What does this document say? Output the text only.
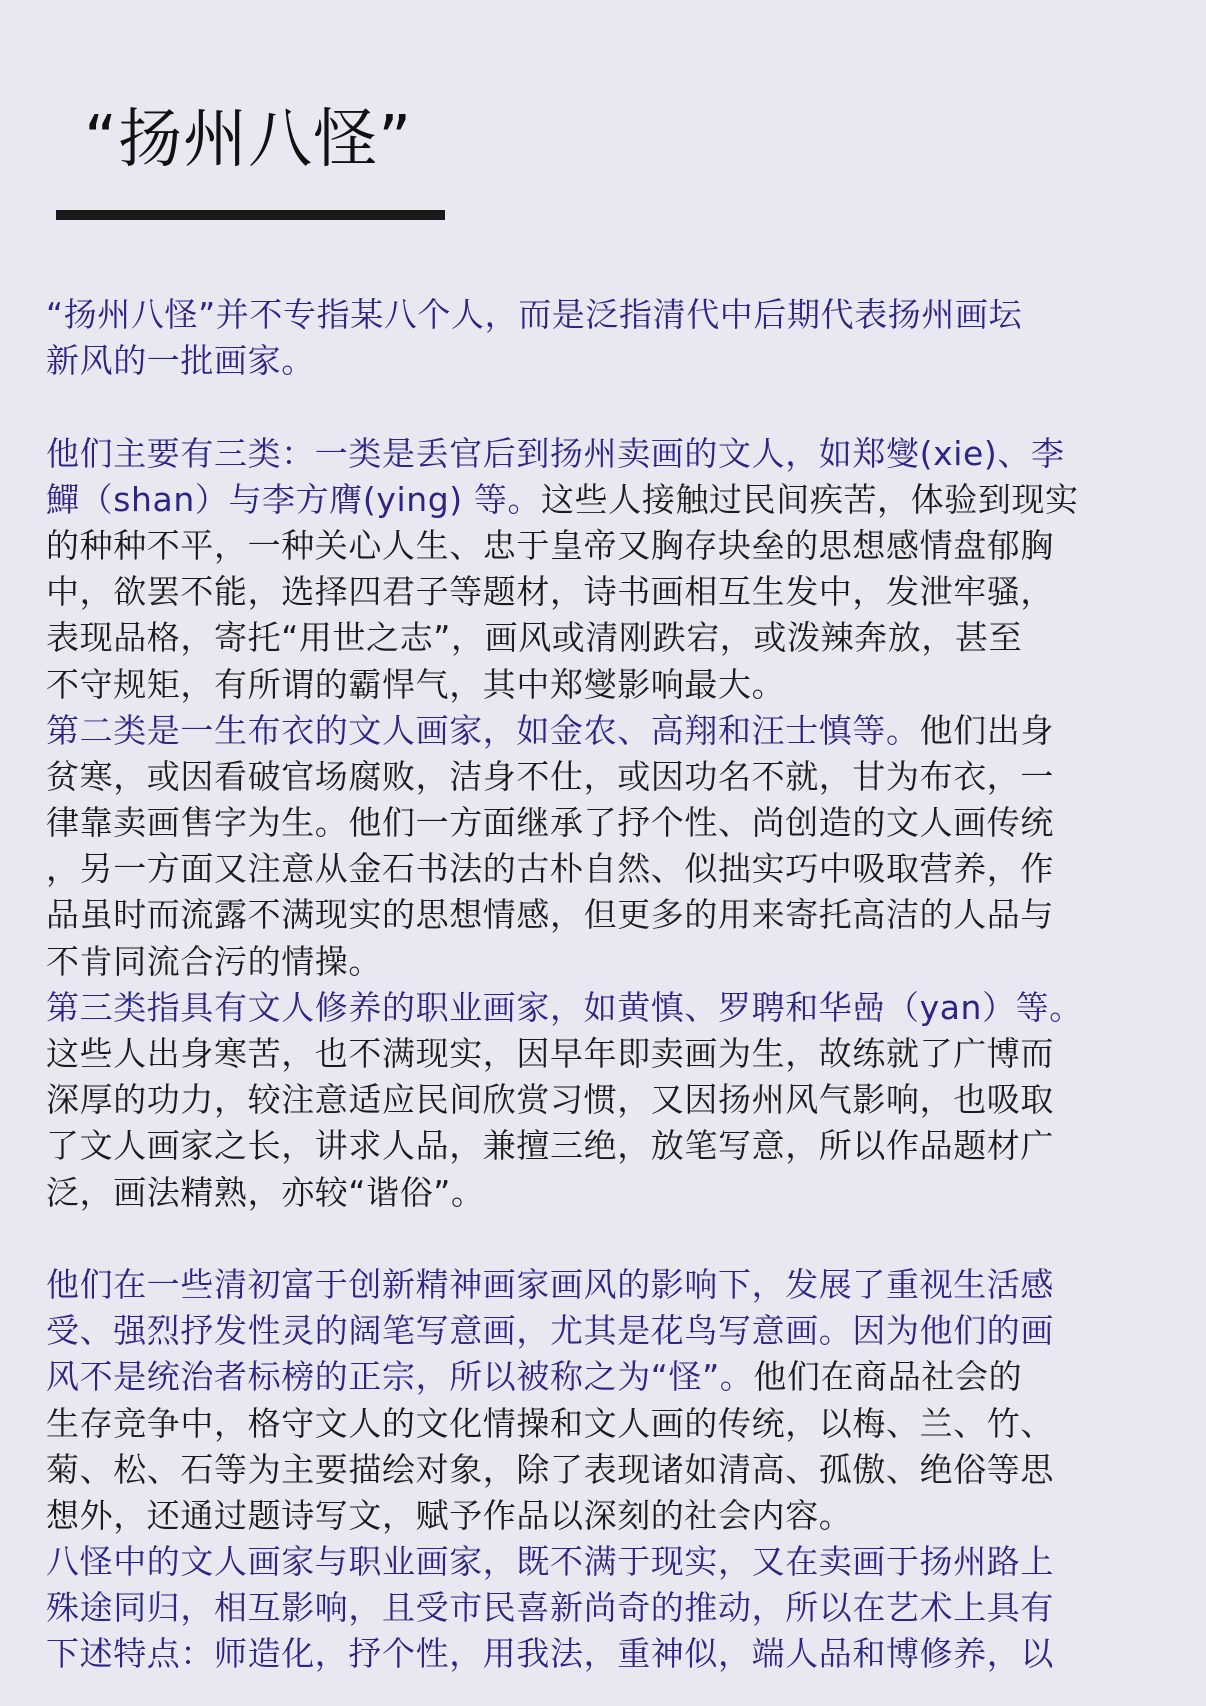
“扬州八怪”
“扬州八怪”并不专指某八个人，而是泛指清代中后期代表扬州画坛
新风的一批画家。
他们主要有三类：一类是丢官后到扬州卖画的文人，如郑燮(xie)、李
鱓（shan）与李方膺(ying) 等。这些人接触过民间疾苦，体验到现实
的种种不平，一种关心人生、忠于皇帝又胸存块垒的思想感情盘郁胸
中，欲罢不能，选择四君子等题材，诗书画相互生发中，发泄牢骚，
表现品格，寄托“用世之志”，画风或清刚跌宕，或泼辣奔放，甚至
不守规矩，有所谓的霸悍气，其中郑燮影响最大。
第二类是一生布衣的文人画家，如金农、高翔和汪士慎等。他们出身
贫寒，或因看破官场腐败，洁身不仕，或因功名不就，甘为布衣，一
律靠卖画售字为生。他们一方面继承了抒个性、尚创造的文人画传统
，另一方面又注意从金石书法的古朴自然、似拙实巧中吸取营养，作
品虽时而流露不满现实的思想情感，但更多的用来寄托高洁的人品与
不肯同流合污的情操。
第三类指具有文人修养的职业画家，如黄慎、罗聘和华喦（yan）等。
这些人出身寒苦，也不满现实，因早年即卖画为生，故练就了广博而
深厚的功力，较注意适应民间欣赏习惯，又因扬州风气影响，也吸取
了文人画家之长，讲求人品，兼擅三绝，放笔写意，所以作品题材广
泛，画法精熟，亦较“谐俗”。
他们在一些清初富于创新精神画家画风的影响下，发展了重视生活感
受、强烈抒发性灵的阔笔写意画，尤其是花鸟写意画。因为他们的画
风不是统治者标榜的正宗，所以被称之为“怪”。他们在商品社会的
生存竞争中，格守文人的文化情操和文人画的传统，以梅、兰、竹、
菊、松、石等为主要描绘对象，除了表现诸如清高、孤傲、绝俗等思
想外，还通过题诗写文，赋予作品以深刻的社会内容。
八怪中的文人画家与职业画家，既不满于现实，又在卖画于扬州路上
殊途同归，相互影响，且受市民喜新尚奇的推动，所以在艺术上具有
下述特点：师造化，抒个性，用我法，重神似，端人品和博修养，以
